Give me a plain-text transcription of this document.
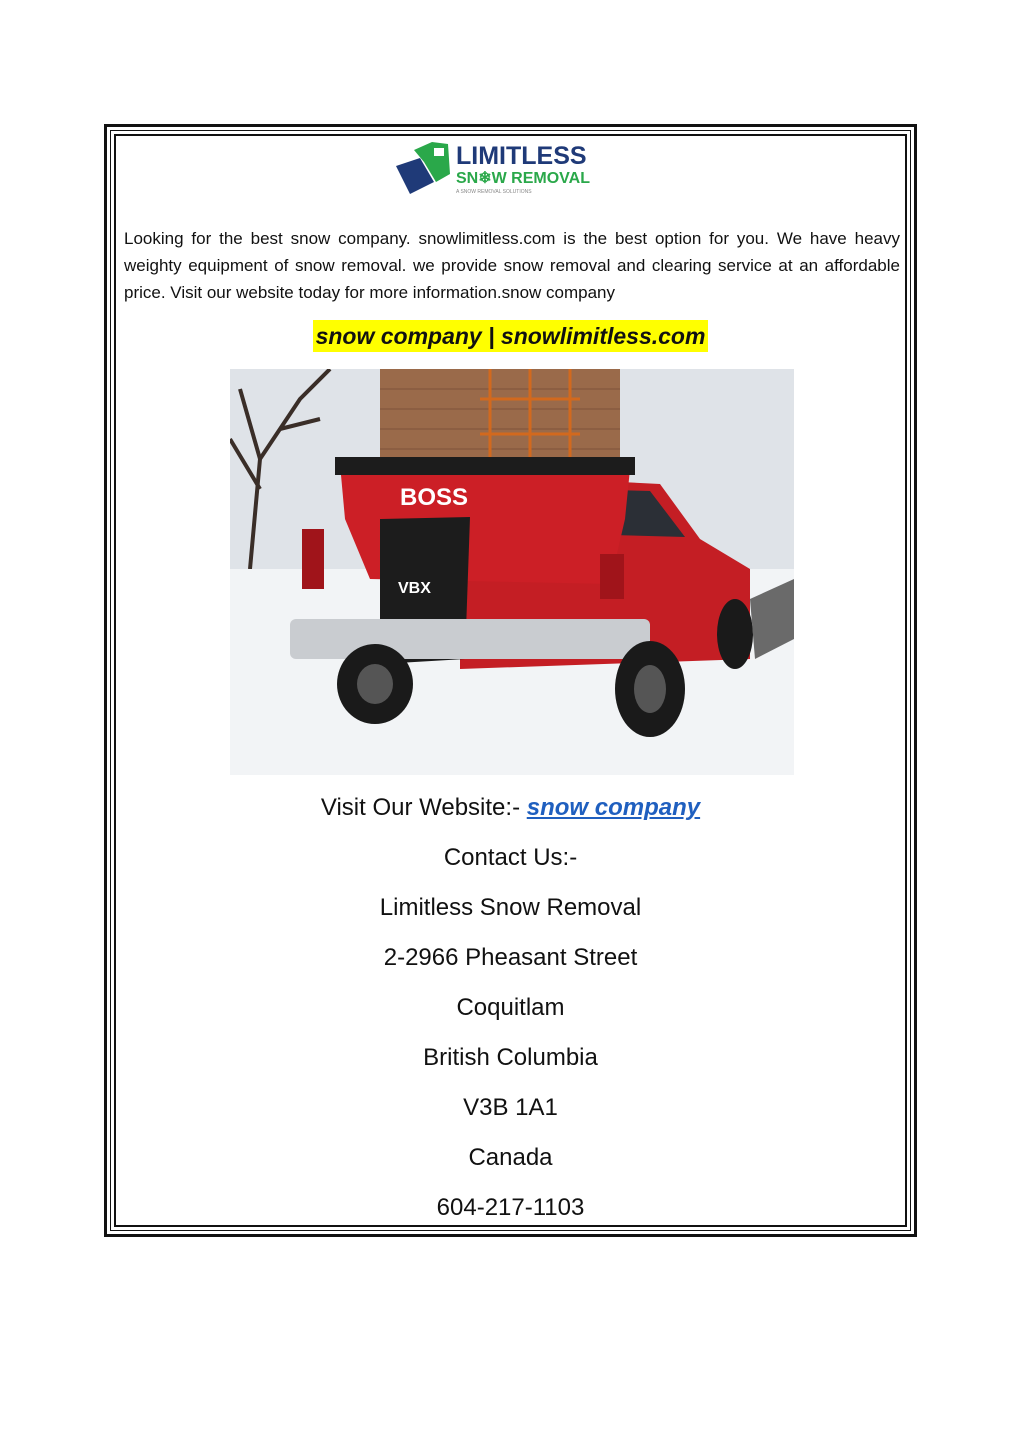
LIMITLESS
SN❄W REMOVAL
A SNOW REMOVAL SOLUTIONS

Looking for the best snow company. snowlimitless.com is the best option for you. We have heavy weighty equipment of snow removal. we provide snow removal and clearing service at an affordable price. Visit our website today for more information.snow company

snow company | snowlimitless.com
BOSS
VBX
Visit Our Website:- snow company
Contact Us:-
Limitless Snow Removal
2-2966 Pheasant Street
Coquitlam
British Columbia
V3B 1A1
Canada
604-217-1103
